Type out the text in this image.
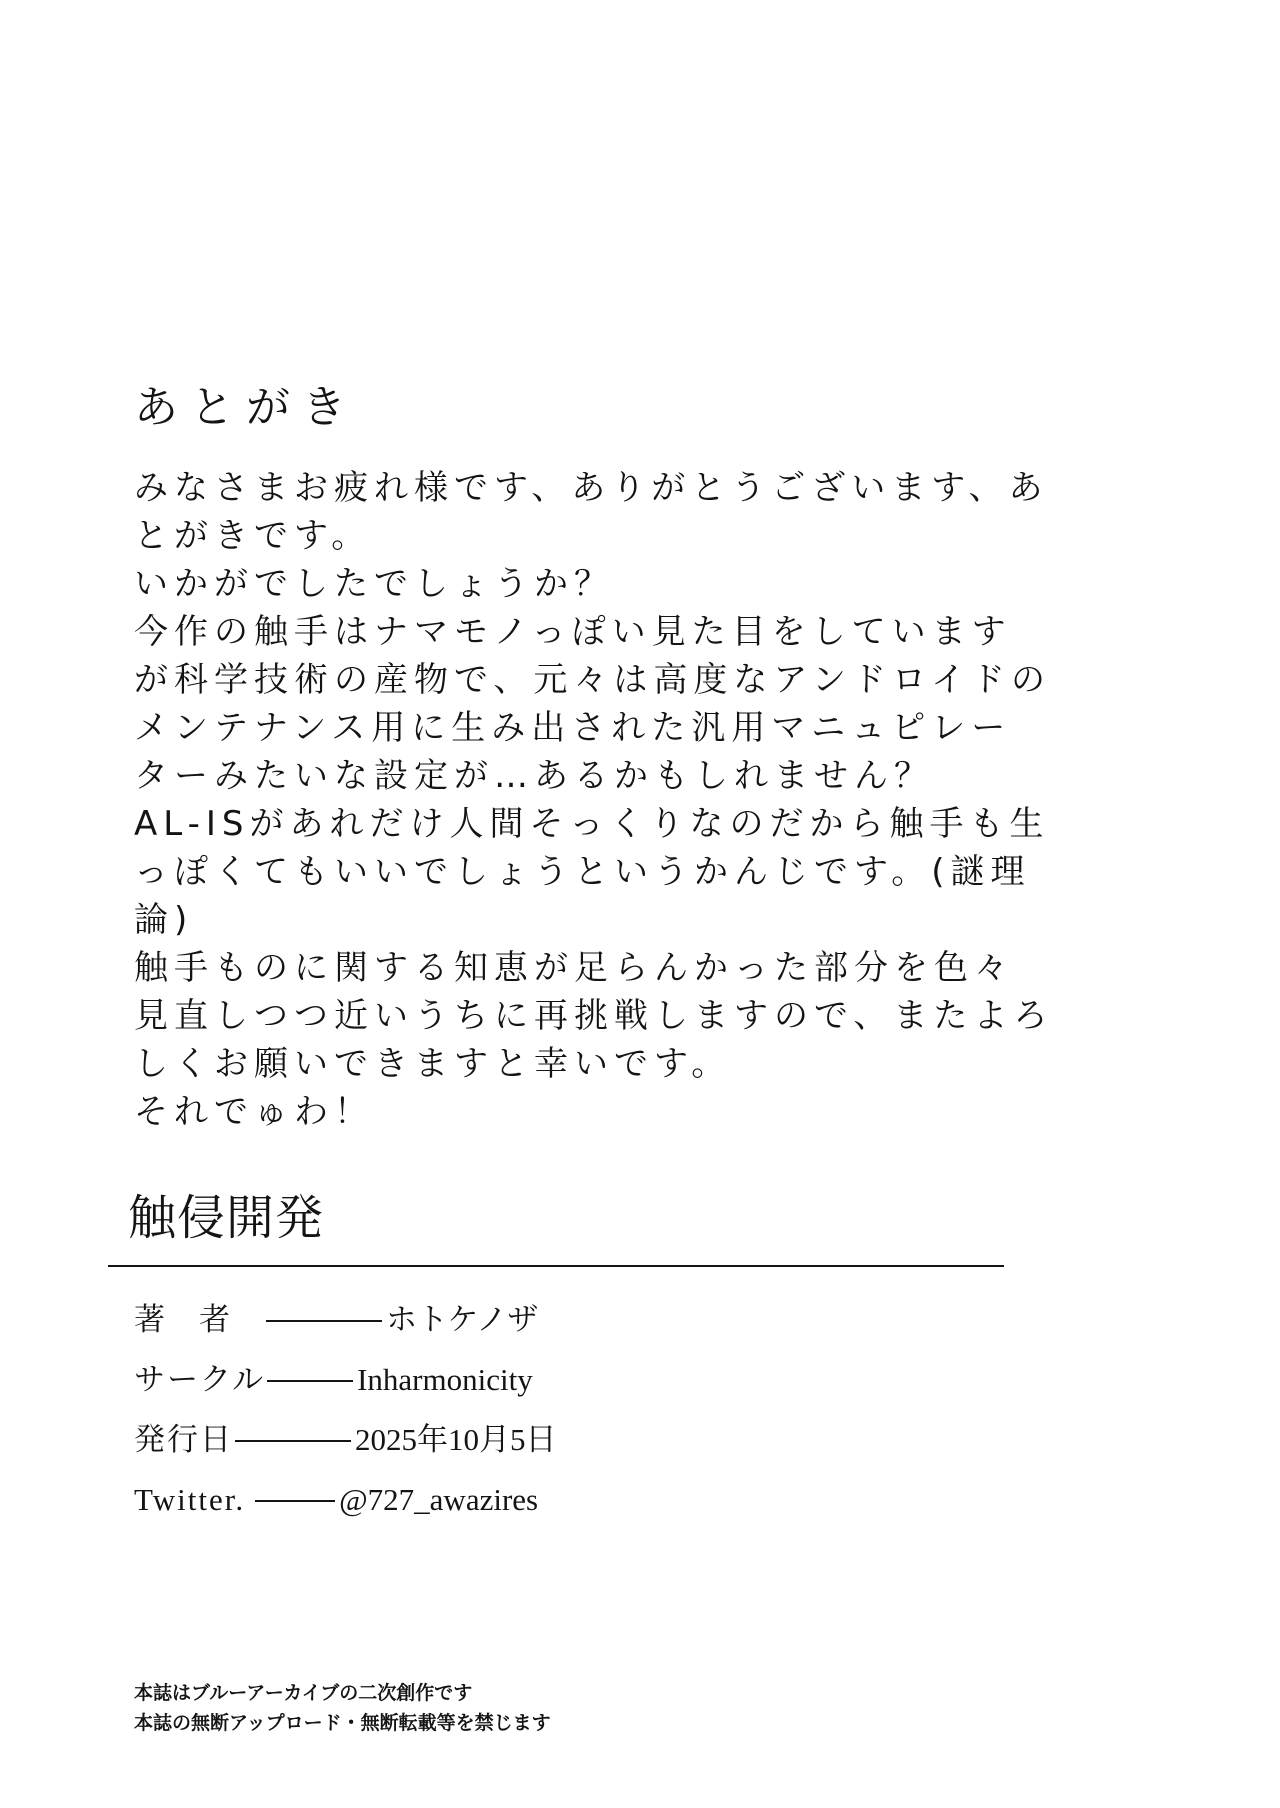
あとがき
みなさまお疲れ様です、ありがとうございます、あ
とがきです。
いかがでしたでしょうか？
今作の触手はナマモノっぽい見た目をしています
が科学技術の産物で、元々は高度なアンドロイドの
メンテナンス用に生み出された汎用マニュピレー
ターみたいな設定が…あるかもしれません？
AL-ISがあれだけ人間そっくりなのだから触手も生
っぽくてもいいでしょうというかんじです。(謎理
論)
触手ものに関する知恵が足らんかった部分を色々
見直しつつ近いうちに再挑戦しますので、またよろ
しくお願いできますと幸いです。
それでゅわ！
触侵開発
著者	ホトケノザ
サークル	Inharmonicity
発行日	2025年10月5日
Twitter.	@727_awazires
本誌はブルーアーカイブの二次創作です
本誌の無断アップロード・無断転載等を禁じます
